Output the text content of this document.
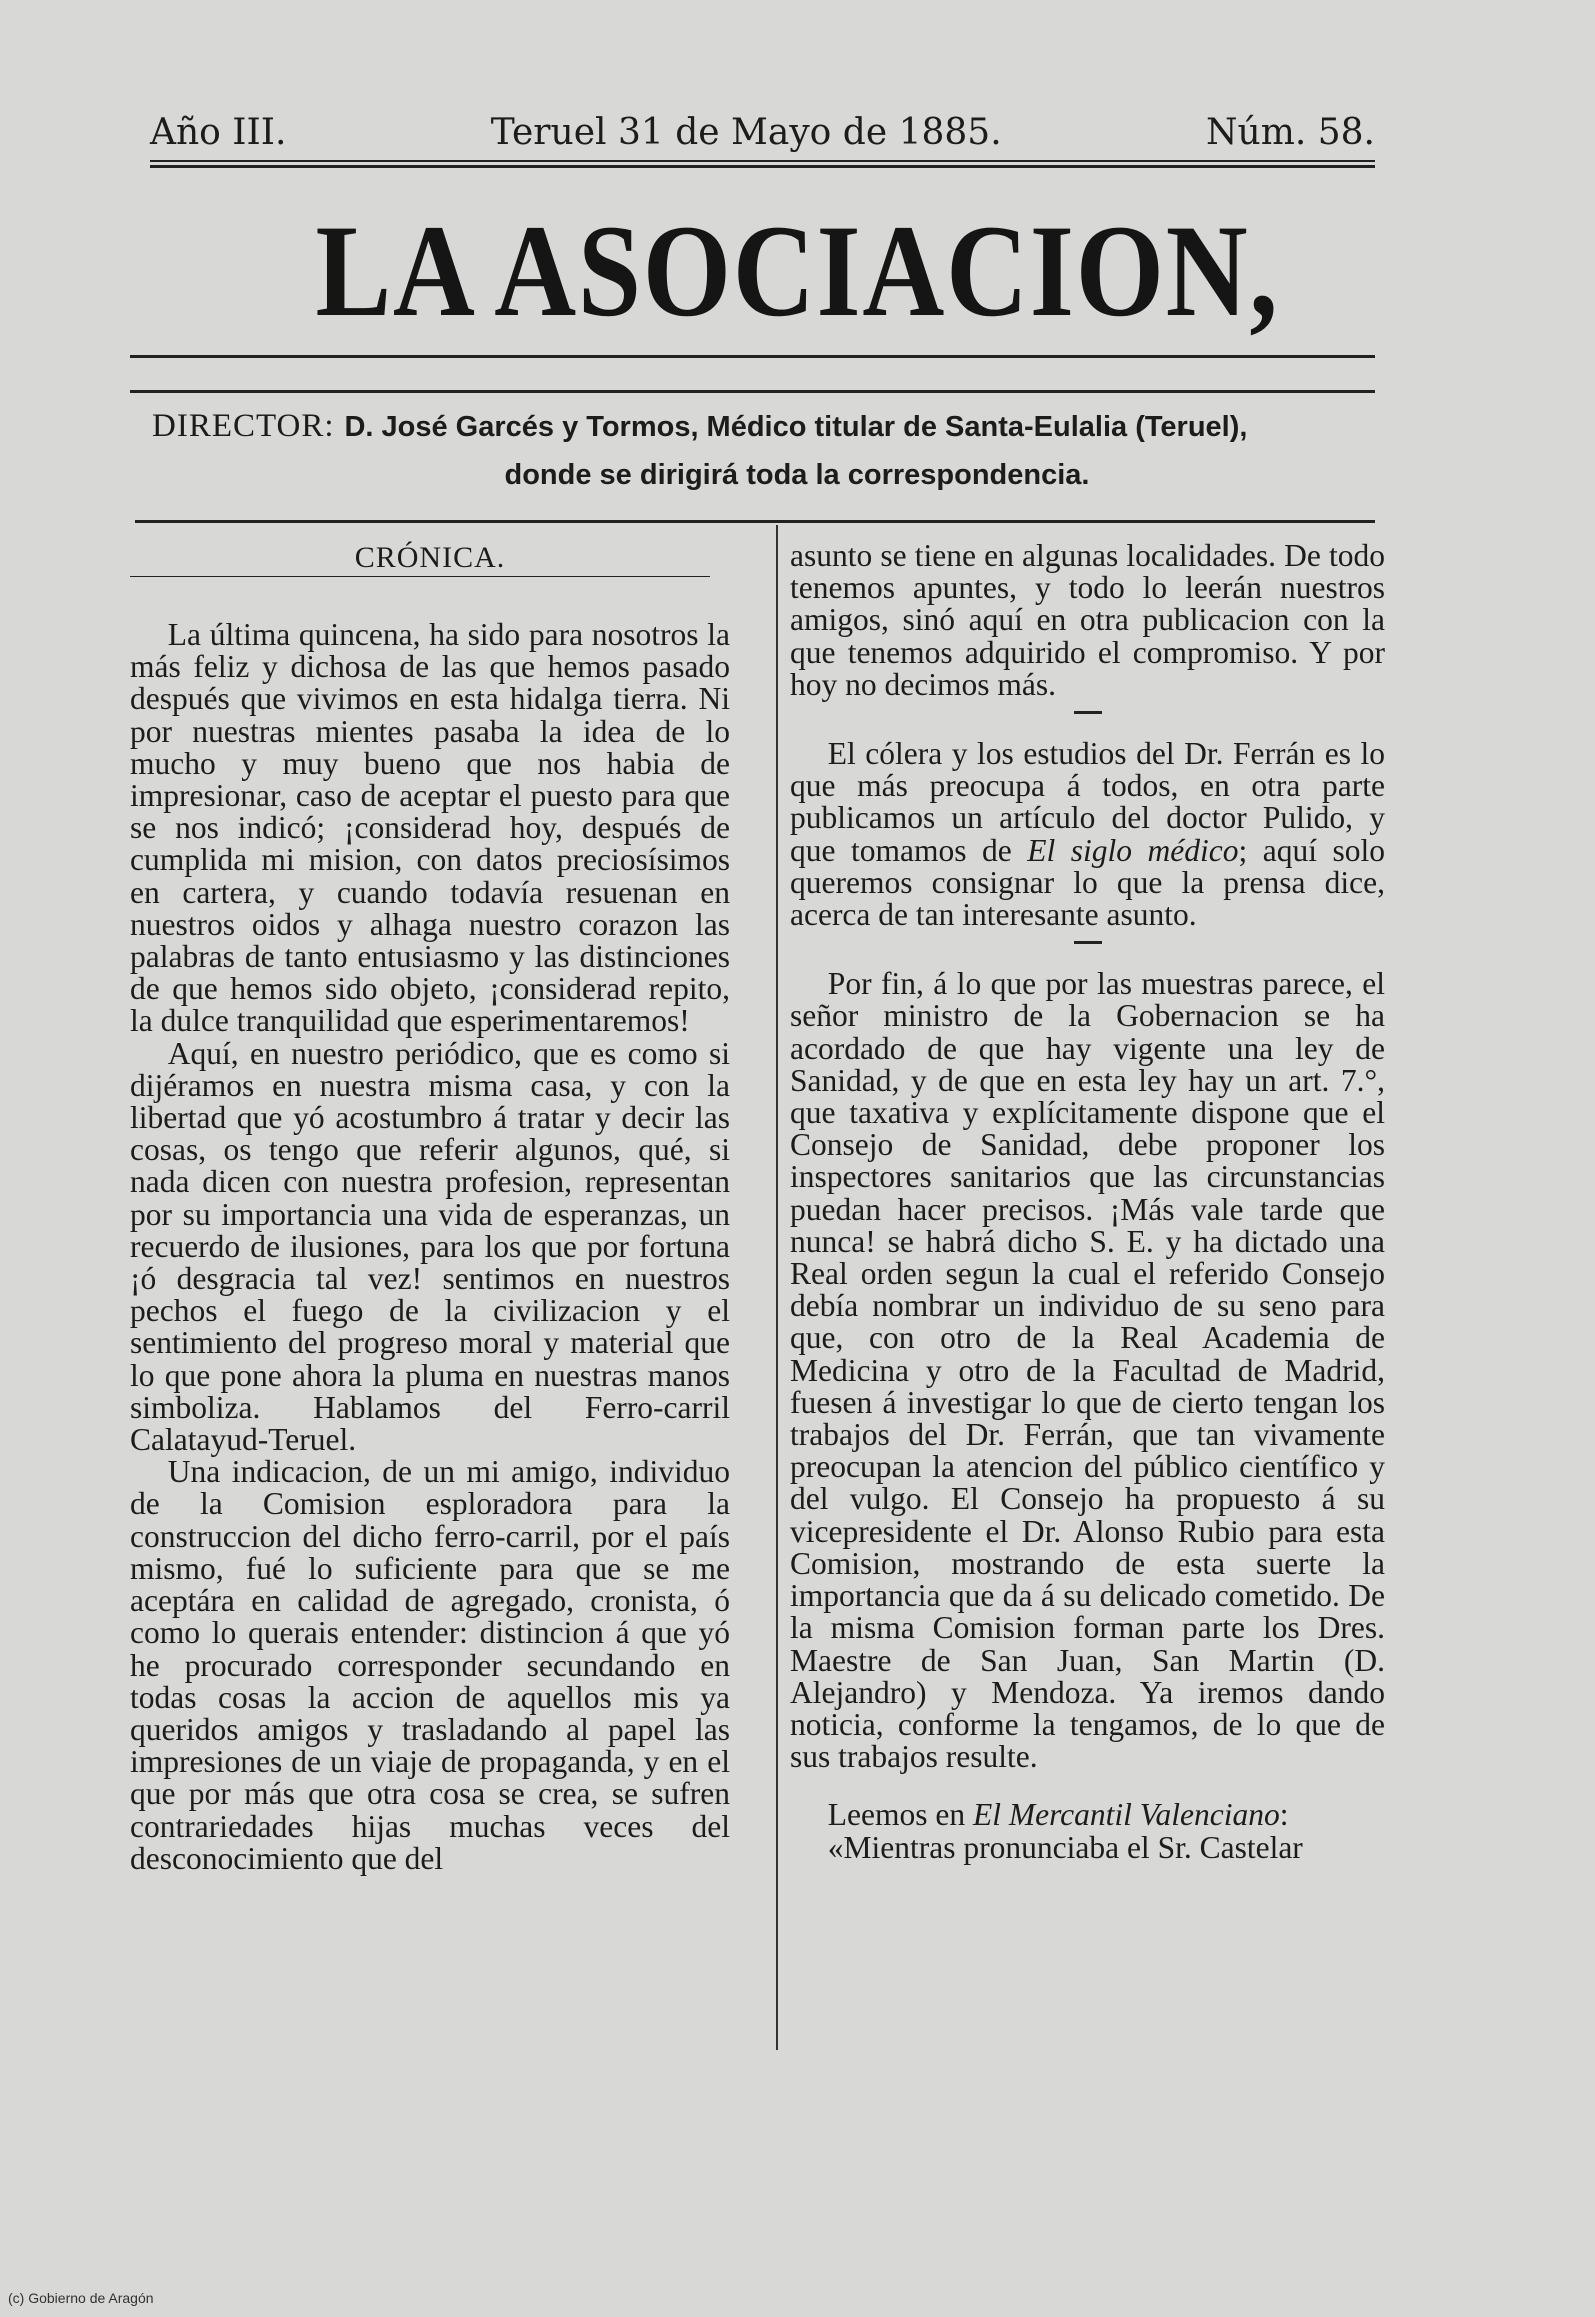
Año III.	Teruel 31 de Mayo de 1885.	Núm. 58.
LA ASOCIACION,
DIRECTOR: D. José Garcés y Tormos, Médico titular de Santa-Eulalia (Teruel),
donde se dirigirá toda la correspondencia.
CRÓNICA.

La última quincena, ha sido para nosotros la más feliz y dichosa de las que hemos pasado después que vivimos en esta hidalga tierra. Ni por nuestras mientes pasaba la idea de lo mucho y muy bueno que nos habia de impresionar, caso de aceptar el puesto para que se nos indicó; ¡considerad hoy, después de cumplida mi mision, con datos preciosísimos en cartera, y cuando todavía resuenan en nuestros oidos y alhaga nuestro corazon las palabras de tanto entusiasmo y las distinciones de que hemos sido objeto, ¡considerad repito, la dulce tranquilidad que esperimentaremos!

Aquí, en nuestro periódico, que es como si dijéramos en nuestra misma casa, y con la libertad que yó acostumbro á tratar y decir las cosas, os tengo que referir algunos, qué, si nada dicen con nuestra profesion, representan por su importancia una vida de esperanzas, un recuerdo de ilusiones, para los que por fortuna ¡ó desgracia tal vez! sentimos en nuestros pechos el fuego de la civilizacion y el sentimiento del progreso moral y material que lo que pone ahora la pluma en nuestras manos simboliza. Hablamos del Ferro-carril Calatayud-Teruel.

Una indicacion, de un mi amigo, individuo de la Comision esploradora para la construccion del dicho ferro-carril, por el país mismo, fué lo suficiente para que se me aceptára en calidad de agregado, cronista, ó como lo querais entender: distincion á que yó he procurado corresponder secundando en todas cosas la accion de aquellos mis ya queridos amigos y trasladando al papel las impresiones de un viaje de propaganda, y en el que por más que otra cosa se crea, se sufren contrariedades hijas muchas veces del desconocimiento que del

asunto se tiene en algunas localidades. De todo tenemos apuntes, y todo lo leerán nuestros amigos, sinó aquí en otra publicacion con la que tenemos adquirido el compromiso. Y por hoy no decimos más.

El cólera y los estudios del Dr. Ferrán es lo que más preocupa á todos, en otra parte publicamos un artículo del doctor Pulido, y que tomamos de El siglo médico; aquí solo queremos consignar lo que la prensa dice, acerca de tan interesante asunto.

Por fin, á lo que por las muestras parece, el señor ministro de la Gobernacion se ha acordado de que hay vigente una ley de Sanidad, y de que en esta ley hay un art. 7.°, que taxativa y explícitamente dispone que el Consejo de Sanidad, debe proponer los inspectores sanitarios que las circunstancias puedan hacer precisos. ¡Más vale tarde que nunca! se habrá dicho S. E. y ha dictado una Real orden segun la cual el referido Consejo debía nombrar un individuo de su seno para que, con otro de la Real Academia de Medicina y otro de la Facultad de Madrid, fuesen á investigar lo que de cierto tengan los trabajos del Dr. Ferrán, que tan vivamente preocupan la atencion del público científico y del vulgo. El Consejo ha propuesto á su vicepresidente el Dr. Alonso Rubio para esta Comision, mostrando de esta suerte la importancia que da á su delicado cometido. De la misma Comision forman parte los Dres. Maestre de San Juan, San Martin (D. Alejandro) y Mendoza. Ya iremos dando noticia, conforme la tengamos, de lo que de sus trabajos resulte.

Leemos en El Mercantil Valenciano:

«Mientras pronunciaba el Sr. Castelar

(c) Gobierno de Aragón
